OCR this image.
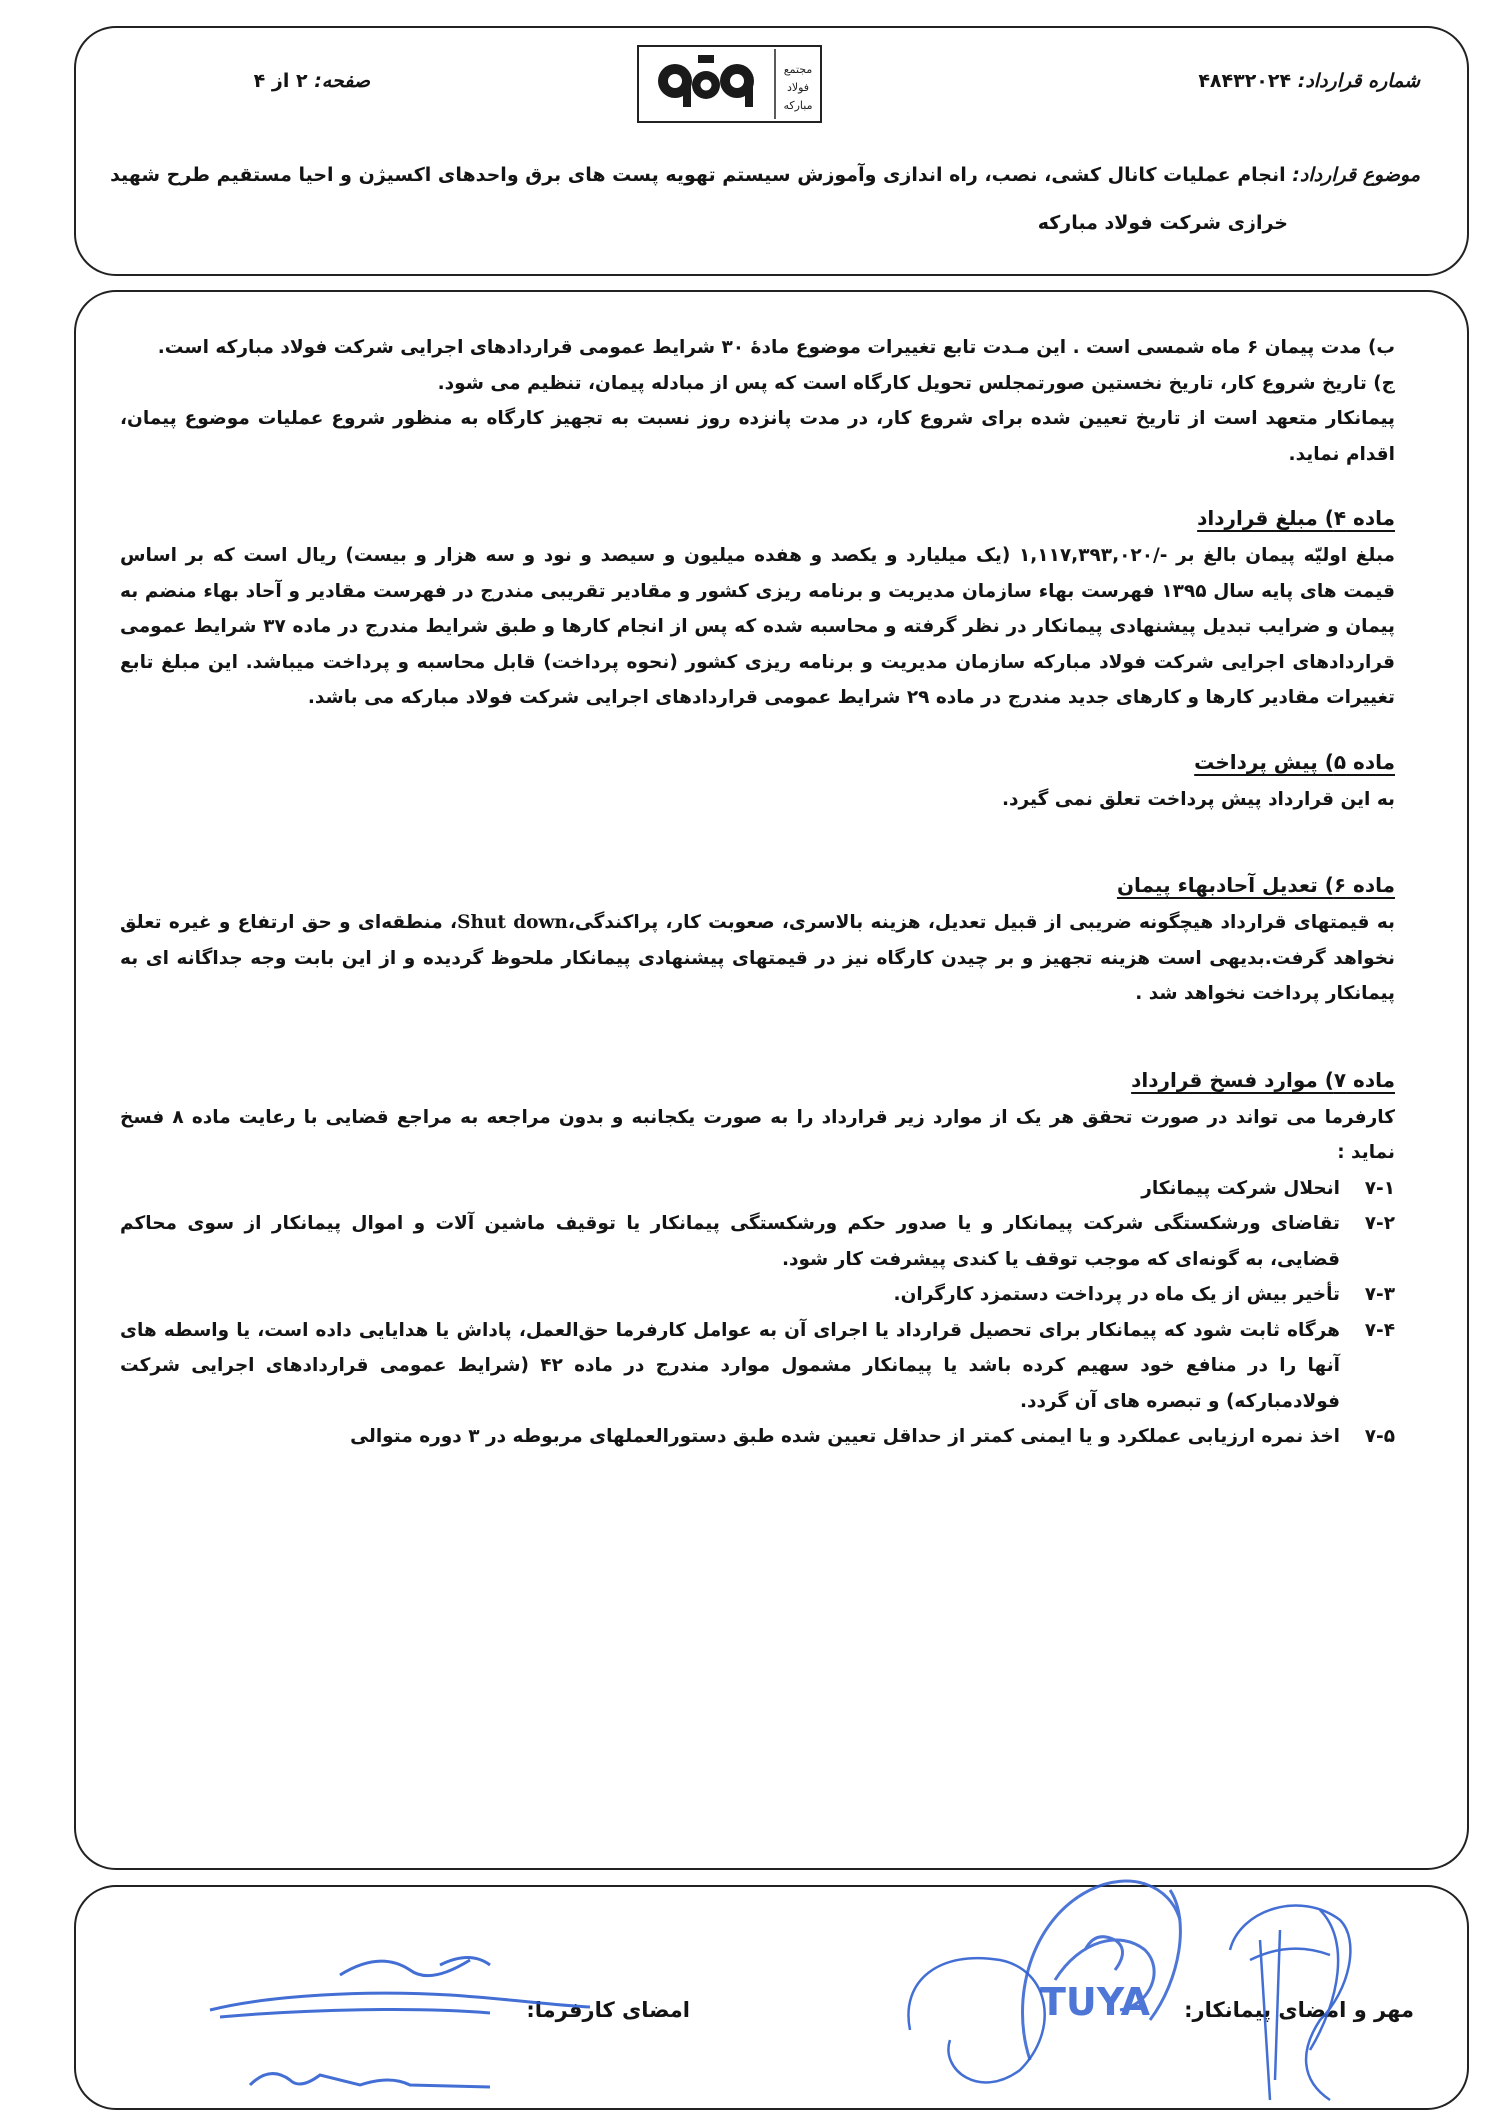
شماره قرارداد: ۴۸۴۳۲۰۲۴
صفحه: ۲ از ۴
مجتمع
فولاد
مبارکه
موضوع قرارداد: انجام عملیات کانال کشی، نصب، راه اندازی وآموزش سیستم تهویه پست های برق واحدهای اکسیژن و احیا مستقیم طرح شهید
خرازی شرکت فولاد مبارکه

ب) مدت پیمان ۶ ماه شمسی است . این مـدت تابع تغییرات موضوع مادۀ ۳۰ شرایط عمومی قراردادهای اجرایی شرکت فولاد مبارکه است.

ج) تاریخ شروع کار، تاریخ نخستین صورتمجلس تحویل کارگاه است که پس از مبادله پیمان، تنظیم می شود.

پیمانکار متعهد است از تاریخ تعیین شده برای شروع کار، در مدت پانزده روز نسبت به تجهیز کارگاه به منظور شروع عملیات موضوع پیمان، اقدام نماید.

ماده ۴) مبلغ قرارداد

مبلغ اولیّه پیمان بالغ بر -/۱,۱۱۷,۳۹۳,۰۲۰ (یک میلیارد و یکصد و هفده میلیون و سیصد و نود و سه هزار و بیست) ریال است که بر اساس قیمت های پایه سال ۱۳۹۵ فهرست بهاء سازمان مدیریت و برنامه ریزی کشور و مقادیر تقریبی مندرج در فهرست مقادیر و آحاد بهاء منضم به پیمان و ضرایب تبدیل پیشنهادی پیمانکار در نظر گرفته و محاسبه شده که پس از انجام کارها و طبق شرایط مندرج در ماده ۳۷ شرایط عمومی قراردادهای اجرایی شرکت فولاد مبارکه سازمان مدیریت و برنامه ریزی کشور (نحوه پرداخت) قابل محاسبه و پرداخت میباشد. این مبلغ تابع تغییرات مقادیر کارها و کارهای جدید مندرج در ماده ۲۹ شرایط عمومی قراردادهای اجرایی شرکت فولاد مبارکه می باشد.

ماده ۵) پیش پرداخت

به این قرارداد پیش پرداخت تعلق نمی گیرد.

ماده ۶) تعدیل آحادبهاء پیمان

به قیمتهای قرارداد هیچگونه ضریبی از قبیل تعدیل، هزینه بالاسری، صعوبت کار، پراکندگی،Shut down، منطقه‌ای و حق ارتفاع و غیره تعلق نخواهد گرفت.بدیهی است هزینه تجهیز و بر چیدن کارگاه نیز در قیمتهای پیشنهادی پیمانکار ملحوظ گردیده و از این بابت وجه جداگانه ای به پیمانکار پرداخت نخواهد شد .

ماده ۷) موارد فسخ قرارداد

کارفرما می تواند در صورت تحقق هر یک از موارد زیر قرارداد را به صورت یکجانبه و بدون مراجعه به مراجع قضایی با رعایت ماده ۸ فسخ نماید :

۷-۱
انحلال شرکت پیمانکار
۷-۲
تقاضای ورشکستگی شرکت پیمانکار و یا صدور حکم ورشکستگی پیمانکار یا توقیف ماشین آلات و اموال پیمانکار از سوی محاکم قضایی، به گونه‌ای که موجب توقف یا کندی پیشرفت کار شود.
۷-۳
تأخیر بیش از یک ماه در پرداخت دستمزد کارگران.
۷-۴
هرگاه ثابت شود که پیمانکار برای تحصیل قرارداد یا اجرای آن به عوامل کارفرما حق‌العمل، پاداش یا هدایایی داده است، یا واسطه های آنها را در منافع خود سهیم کرده باشد یا پیمانکار مشمول موارد مندرج در ماده ۴۲ (شرایط عمومی قراردادهای اجرایی شرکت فولادمبارکه) و تبصره های آن گردد.
۷-۵
اخذ نمره ارزیابی عملکرد و یا ایمنی کمتر از حداقل تعیین شده طبق دستورالعملهای مربوطه در ۳ دوره متوالی
مهر و امضای پیمانکار:
امضای کارفرما:	TUYA
